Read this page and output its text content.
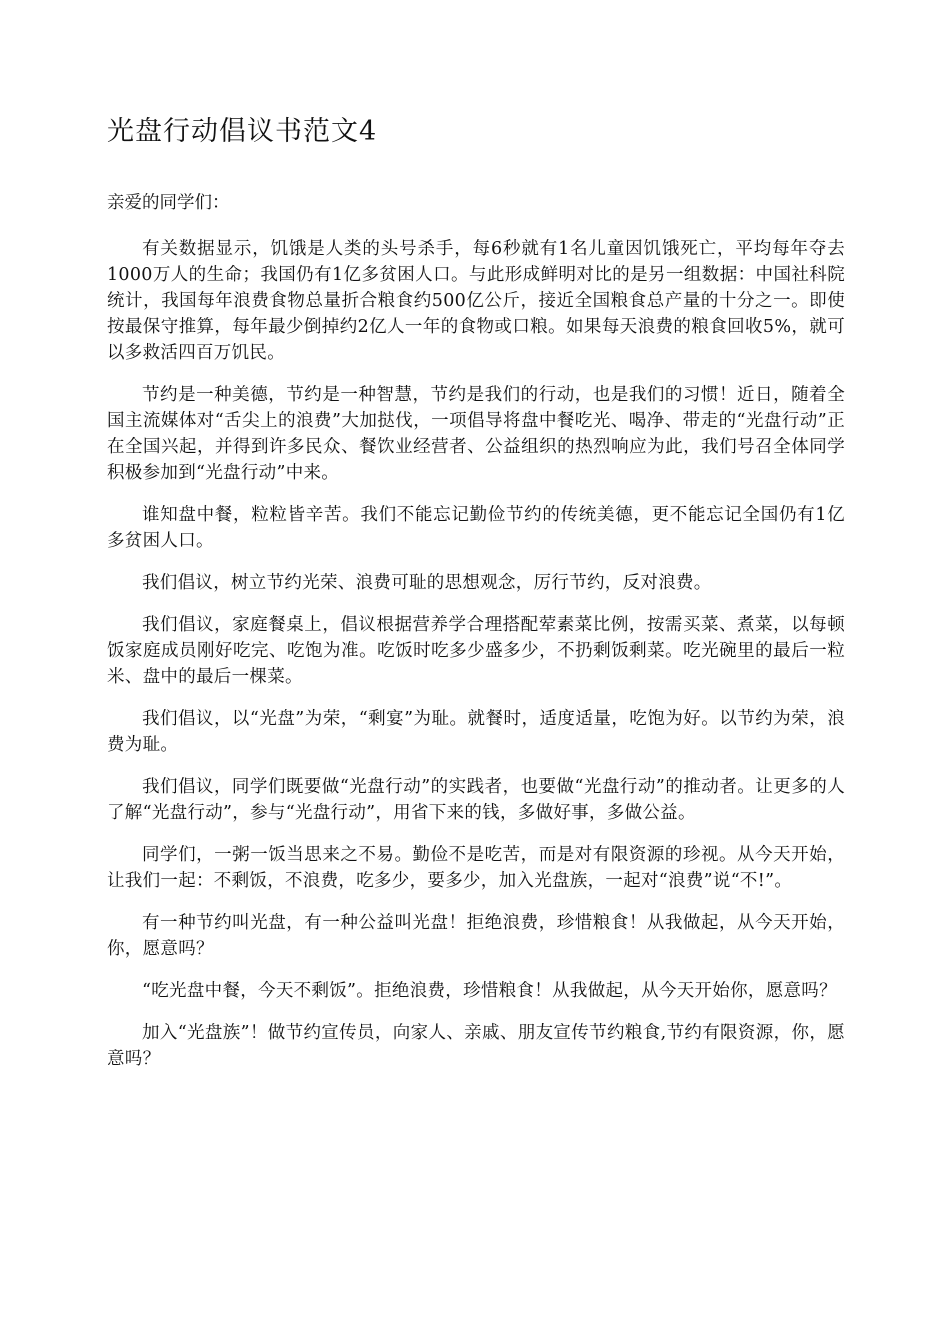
光盘行动倡议书范文4

亲爱的同学们：

有关数据显示，饥饿是人类的头号杀手，每6秒就有1名儿童因饥饿死亡，平均每年夺去1000万人的生命；我国仍有1亿多贫困人口。与此形成鲜明对比的是另一组数据：中国社科院统计，我国每年浪费食物总量折合粮食约500亿公斤，接近全国粮食总产量的十分之一。即使按最保守推算，每年最少倒掉约2亿人一年的食物或口粮。如果每天浪费的粮食回收5%，就可以多救活四百万饥民。

节约是一种美德，节约是一种智慧，节约是我们的行动，也是我们的习惯！近日，随着全国主流媒体对“舌尖上的浪费”大加挞伐，一项倡导将盘中餐吃光、喝净、带走的“光盘行动”正在全国兴起，并得到许多民众、餐饮业经营者、公益组织的热烈响应为此，我们号召全体同学积极参加到“光盘行动”中来。

谁知盘中餐，粒粒皆辛苦。我们不能忘记勤俭节约的传统美德，更不能忘记全国仍有1亿多贫困人口。

我们倡议，树立节约光荣、浪费可耻的思想观念，厉行节约，反对浪费。

我们倡议，家庭餐桌上，倡议根据营养学合理搭配荤素菜比例，按需买菜、煮菜，以每顿饭家庭成员刚好吃完、吃饱为准。吃饭时吃多少盛多少，不扔剩饭剩菜。吃光碗里的最后一粒米、盘中的最后一棵菜。

我们倡议，以“光盘”为荣，“剩宴”为耻。就餐时，适度适量，吃饱为好。以节约为荣，浪费为耻。

我们倡议，同学们既要做“光盘行动”的实践者，也要做“光盘行动”的推动者。让更多的人了解“光盘行动”，参与“光盘行动”，用省下来的钱，多做好事，多做公益。

同学们，一粥一饭当思来之不易。勤俭不是吃苦，而是对有限资源的珍视。从今天开始，让我们一起：不剩饭，不浪费，吃多少，要多少，加入光盘族，一起对“浪费”说“不!”。

有一种节约叫光盘，有一种公益叫光盘！拒绝浪费，珍惜粮食！从我做起，从今天开始，你，愿意吗？

“吃光盘中餐，今天不剩饭”。拒绝浪费，珍惜粮食！从我做起，从今天开始你，愿意吗？

加入“光盘族”！做节约宣传员，向家人、亲戚、朋友宣传节约粮食,节约有限资源，你，愿意吗？
